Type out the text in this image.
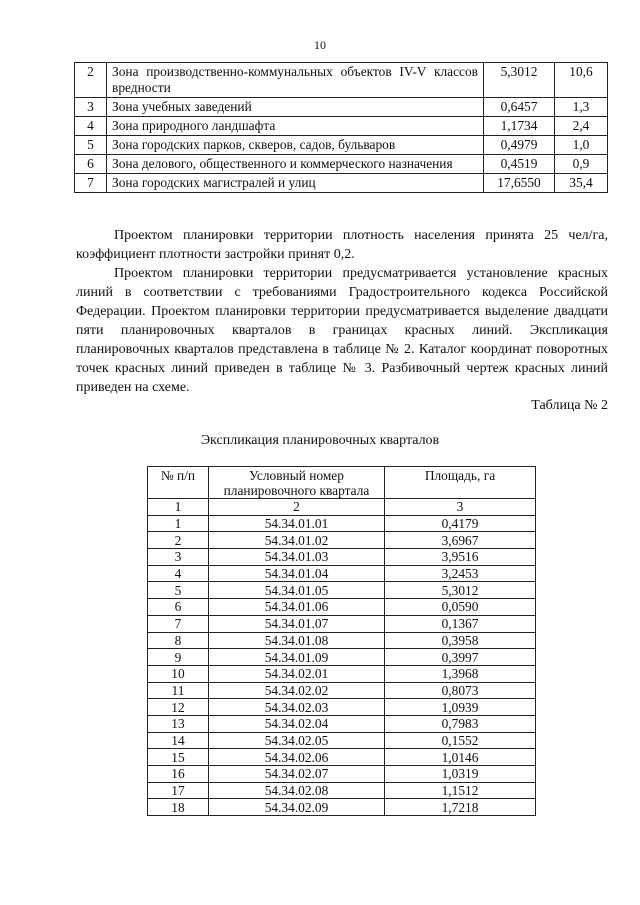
10
2	Зона производственно-коммунальных объектов IV-V классов вредности	5,3012	10,6
3	Зона учебных заведений	0,6457	1,3
4	Зона природного ландшафта	1,1734	2,4
5	Зона городских парков, скверов, садов, бульваров	0,4979	1,0
6	Зона делового, общественного и коммерческого назначения	0,4519	0,9
7	Зона городских магистралей и улиц	17,6550	35,4

Проектом планировки территории плотность населения принята 25 чел/га, коэффициент плотности застройки принят 0,2.

Проектом планировки территории предусматривается установление красных линий в соответствии с требованиями Градостроительного кодекса Российской Федерации. Проектом планировки территории предусматривается выделение двадцати пяти планировочных кварталов в границах красных линий. Экспликация планировочных кварталов представлена в таблице № 2. Каталог координат поворотных точек красных линий приведен в таблице № 3. Разбивочный чертеж красных линий приведен на схеме.

Таблица № 2
Экспликация планировочных кварталов
№ п/п	Условный номер планировочного квартала	Площадь, га
1	2	3
1	54.34.01.01	0,4179
2	54.34.01.02	3,6967
3	54.34.01.03	3,9516
4	54.34.01.04	3,2453
5	54.34.01.05	5,3012
6	54.34.01.06	0,0590
7	54.34.01.07	0,1367
8	54.34.01.08	0,3958
9	54.34.01.09	0,3997
10	54.34.02.01	1,3968
11	54.34.02.02	0,8073
12	54.34.02.03	1,0939
13	54.34.02.04	0,7983
14	54.34.02.05	0,1552
15	54.34.02.06	1,0146
16	54.34.02.07	1,0319
17	54.34.02.08	1,1512
18	54.34.02.09	1,7218
